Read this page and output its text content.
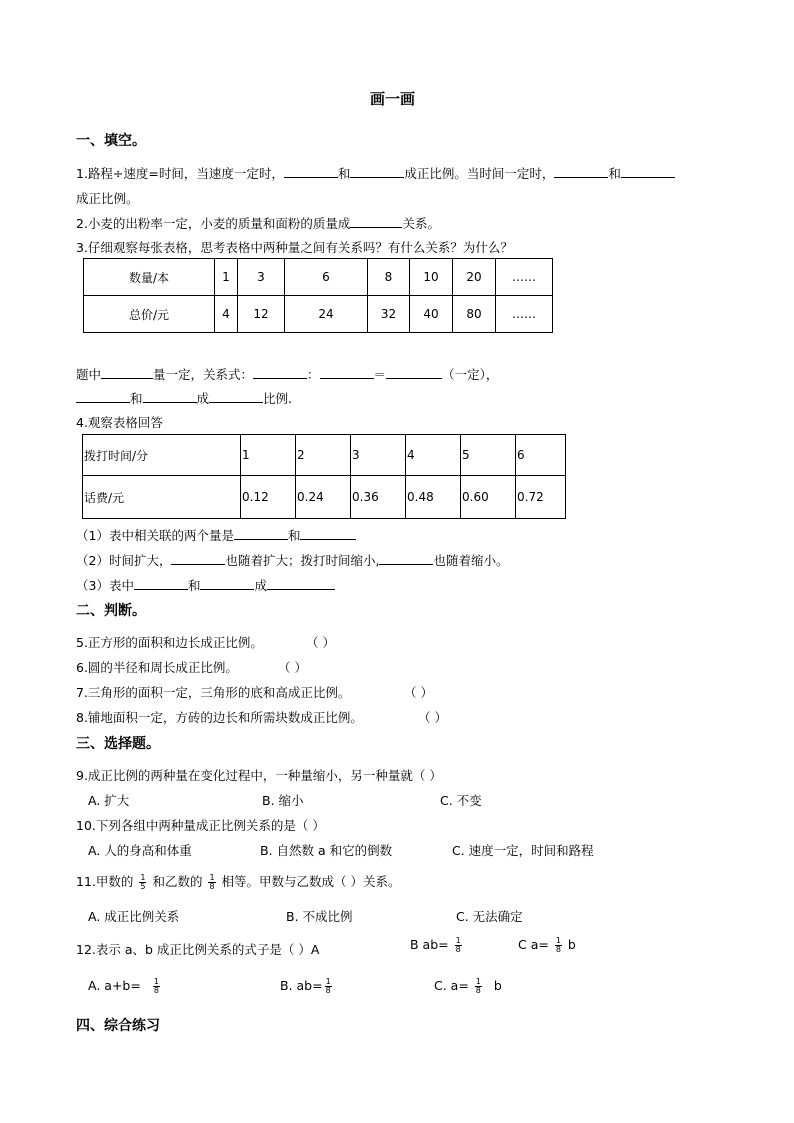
画一画
一、填空。
1.路程÷速度=时间，当速度一定时，	和	成正比例。当时间一定时，	和
成正比例。
2.小麦的出粉率一定，小麦的质量和面粉的质量成	关系。
3.仔细观察每张表格，思考表格中两种量之间有关系吗？有什么关系？为什么？
数量/本	1	3	6	8	10	20	……
总价/元	4	12	24	32	40	80	……
题中	量一定，关系式：	：	＝	（一定），
和	成	比例.
4.观察表格回答
拨打时间/分	1	2	3	4	5	6
话费/元	0.12	0.24	0.36	0.48	0.60	0.72
（1）表中相关联的两个量是	和
（2）时间扩大，	也随着扩大；拨打时间缩小,	也随着缩小。
（3）表中	和	成
二、判断。
5.正方形的面积和边长成正比例。	（ ）
6.圆的半径和周长成正比例。	（ ）
7.三角形的面积一定，三角形的底和高成正比例。	（ ）
8.铺地面积一定，方砖的边长和所需块数成正比例。	（ ）
三、选择题。
9.成正比例的两种量在变化过程中，一种量缩小，另一种量就（ ）
A. 扩大	B. 缩小	C. 不变
10.下列各组中两种量成正比例关系的是（ ）
A. 人的身高和体重	B. 自然数 a 和它的倒数	C. 速度一定，时间和路程
11.甲数的 $\frac{1}{5}$ 和乙数的 $\frac{1}{8}$ 相等。甲数与乙数成（ ）关系。
A. 成正比例关系	B. 不成比例	C. 无法确定
12.表示 a、b 成正比例关系的式子是（ ）A	B $ab= \frac{1}{8}$	C $a= \frac{1}{8}$ b
A. $a+b= \frac{1}{8}$	B. $ab= \frac{1}{8}$	C. $a= \frac{1}{8}$ b
四、综合练习
